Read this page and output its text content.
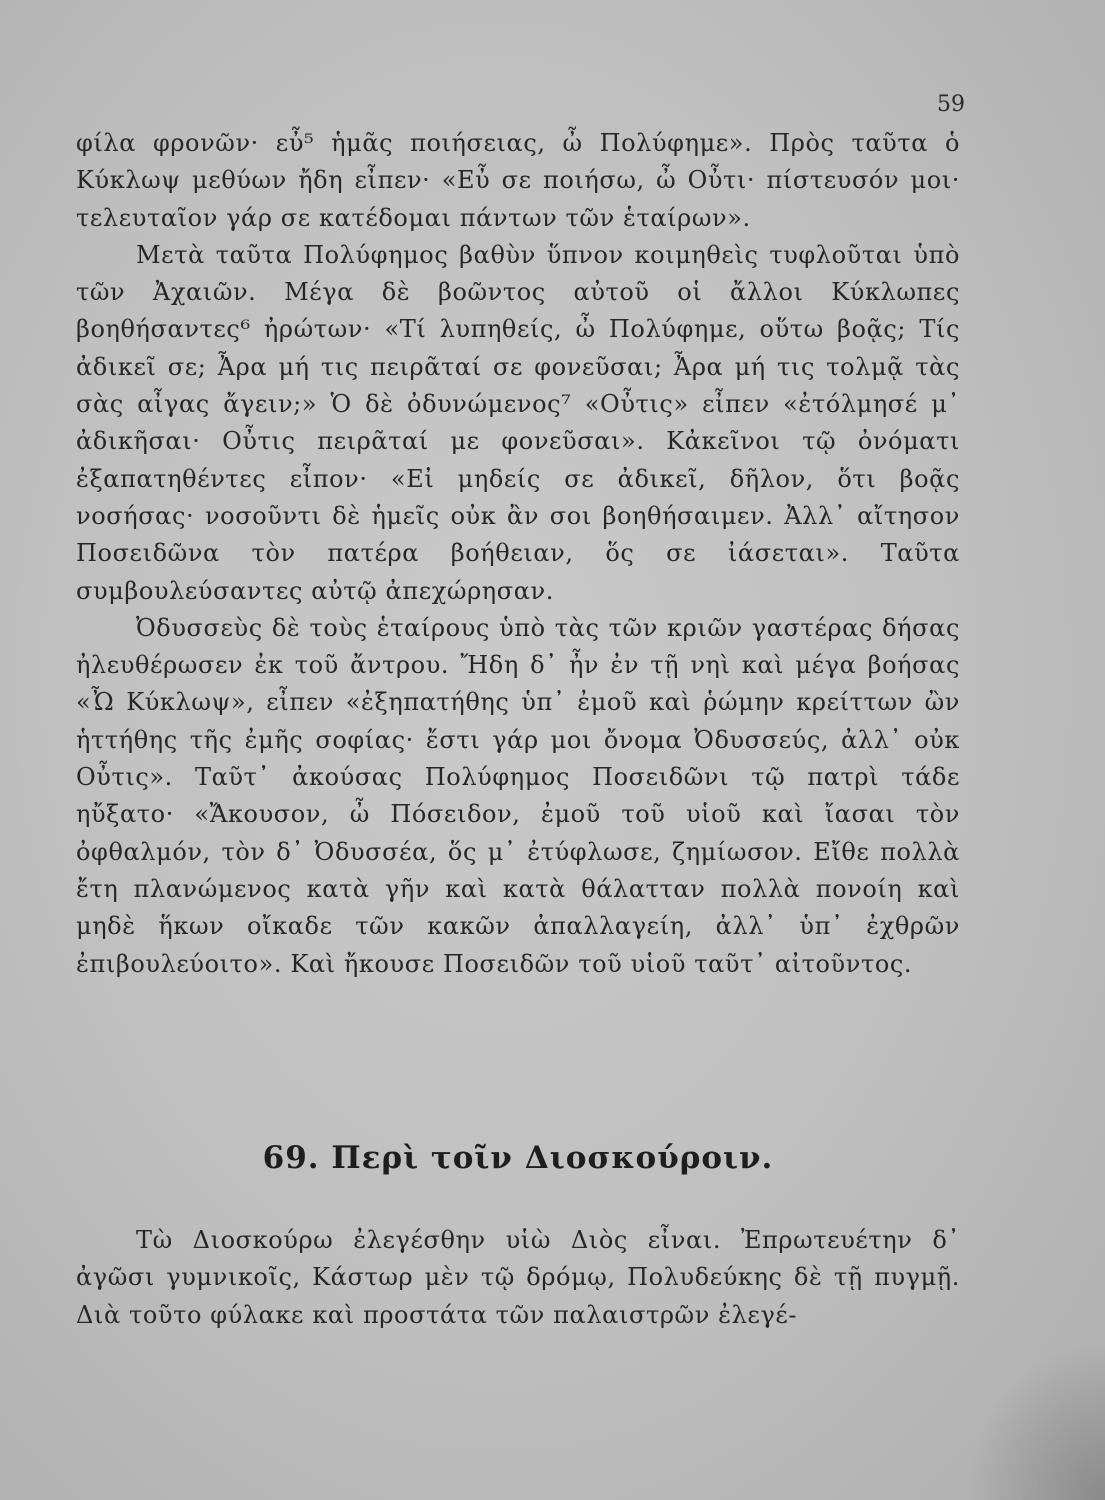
59

φίλα φρονῶν· εὖ⁵ ἡμᾶς ποιήσειας, ὦ Πολύφημε». Πρὸς ταῦτα ὁ Κύκλωψ μεθύων ἤδη εἶπεν· «Εὖ σε ποιήσω, ὦ Οὖτι· πίστευσόν μοι· τελευταῖον γάρ σε κατέδομαι πάντων τῶν ἑταίρων».

Μετὰ ταῦτα Πολύφημος βαθὺν ὕπνον κοιμηθεὶς τυφλοῦται ὑπὸ τῶν Ἀχαιῶν. Μέγα δὲ βοῶντος αὐτοῦ οἱ ἄλλοι Κύκλωπες βοηθήσαντες⁶ ἠρώτων· «Τί λυπηθείς, ὦ Πολύφημε, οὕτω βοᾷς; Τίς ἀδικεῖ σε; Ἆρα μή τις πειρᾶταί σε φονεῦσαι; Ἆρα μή τις τολμᾷ τὰς σὰς αἶγας ἄγειν;» Ὁ δὲ ὀδυνώμενος⁷ «Οὖτις» εἶπεν «ἐτόλμησέ μ᾽ ἀδικῆσαι· Οὖτις πειρᾶταί με φονεῦσαι». Κἀκεῖνοι τῷ ὀνόματι ἐξαπατηθέντες εἶπον· «Εἰ μηδείς σε ἀδικεῖ, δῆλον, ὅτι βοᾷς νοσήσας· νοσοῦντι δὲ ἡμεῖς οὐκ ἂν σοι βοηθήσαιμεν. Ἀλλ᾽ αἴτησον Ποσειδῶνα τὸν πατέρα βοήθειαν, ὅς σε ἰάσεται». Ταῦτα συμβουλεύσαντες αὐτῷ ἀπεχώρησαν.

Ὀδυσσεὺς δὲ τοὺς ἑταίρους ὑπὸ τὰς τῶν κριῶν γαστέρας δήσας ἠλευθέρωσεν ἐκ τοῦ ἄντρου. Ἤδη δ᾽ ἦν ἐν τῇ νηὶ καὶ μέγα βοήσας «Ὦ Κύκλωψ», εἶπεν «ἐξηπατήθης ὑπ᾽ ἐμοῦ καὶ ῥώμην κρείττων ὢν ἡττήθης τῆς ἐμῆς σοφίας· ἔστι γάρ μοι ὄνομα Ὀδυσσεύς, ἀλλ᾽ οὐκ Οὖτις». Ταῦτ᾽ ἀκούσας Πολύφημος Ποσειδῶνι τῷ πατρὶ τάδε ηὔξατο· «Ἄκουσον, ὦ Πόσειδον, ἐμοῦ τοῦ υἱοῦ καὶ ἴασαι τὸν ὀφθαλμόν, τὸν δ᾽ Ὀδυσσέα, ὅς μ᾽ ἐτύφλωσε, ζημίωσον. Εἴθε πολλὰ ἔτη πλανώμενος κατὰ γῆν καὶ κατὰ θάλατταν πολλὰ πονοίη καὶ μηδὲ ἥκων οἴκαδε τῶν κακῶν ἀπαλλαγείη, ἀλλ᾽ ὑπ᾽ ἐχθρῶν ἐπιβουλεύοιτο». Καὶ ἤκουσε Ποσειδῶν τοῦ υἱοῦ ταῦτ᾽ αἰτοῦντος.

69. Περὶ τοῖν Διοσκούροιν.

Τὼ Διοσκούρω ἐλεγέσθην υἱὼ Διὸς εἶναι. Ἐπρωτευέτην δ᾽ ἀγῶσι γυμνικοῖς, Κάστωρ μὲν τῷ δρόμῳ, Πολυδεύκης δὲ τῇ πυγμῇ. Διὰ τοῦτο φύλακε καὶ προστάτα τῶν παλαιστρῶν ἐλεγέ-
